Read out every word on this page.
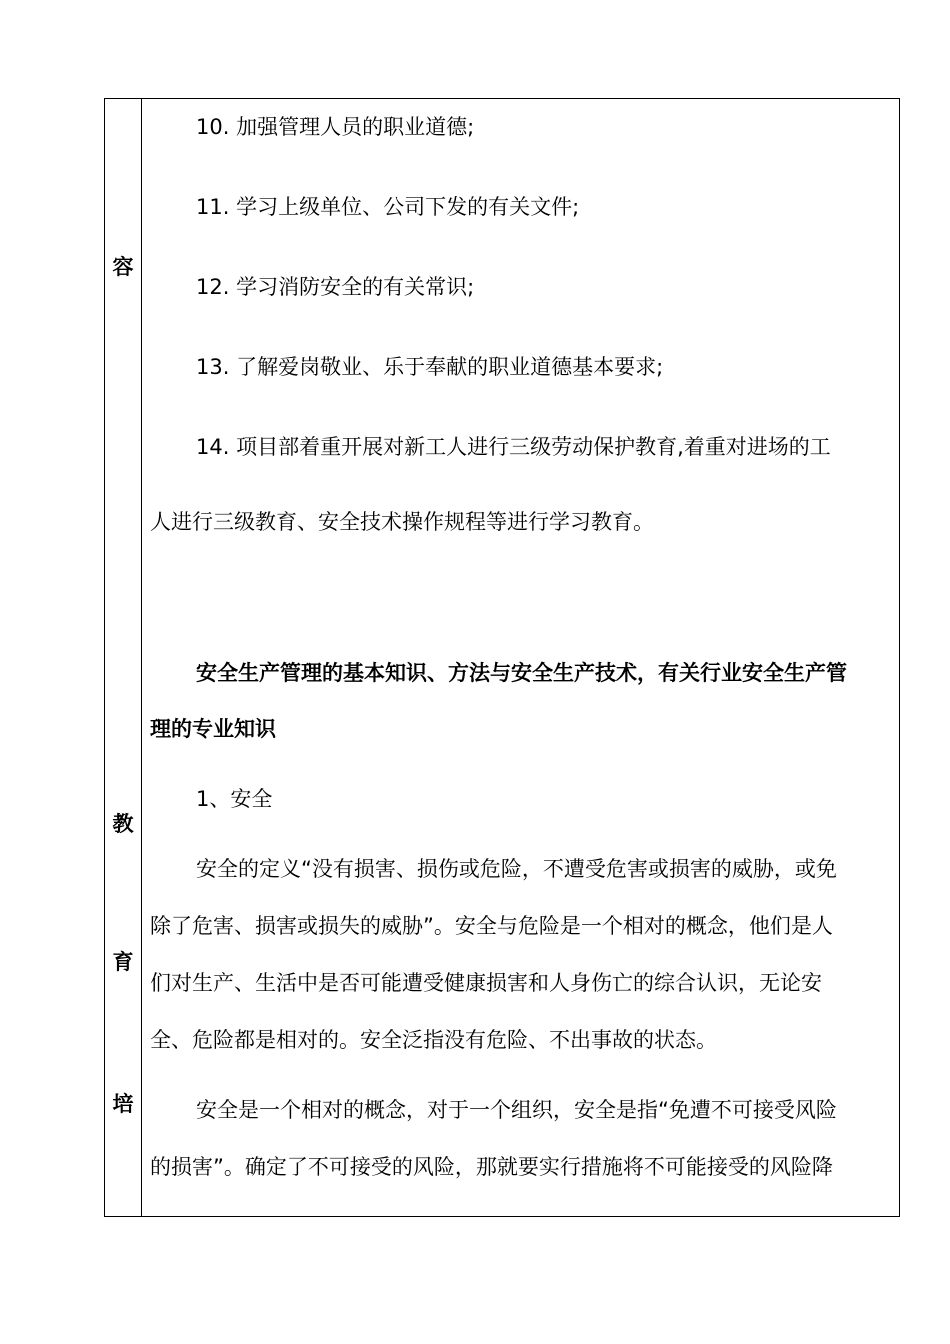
容
教
育
培
10. 加强管理人员的职业道德;
11. 学习上级单位、公司下发的有关文件;
12. 学习消防安全的有关常识;
13. 了解爱岗敬业、乐于奉献的职业道德基本要求;
14. 项目部着重开展对新工人进行三级劳动保护教育,着重对进场的工
人进行三级教育、安全技术操作规程等进行学习教育。
安全生产管理的基本知识、方法与安全生产技术，有关行业安全生产管
理的专业知识
1、安全
安全的定义“没有损害、损伤或危险，不遭受危害或损害的威胁，或免
除了危害、损害或损失的威胁”。安全与危险是一个相对的概念，他们是人
们对生产、生活中是否可能遭受健康损害和人身伤亡的综合认识，无论安
全、危险都是相对的。安全泛指没有危险、不出事故的状态。
安全是一个相对的概念，对于一个组织，安全是指“免遭不可接受风险
的损害”。确定了不可接受的风险，那就要实行措施将不可能接受的风险降
